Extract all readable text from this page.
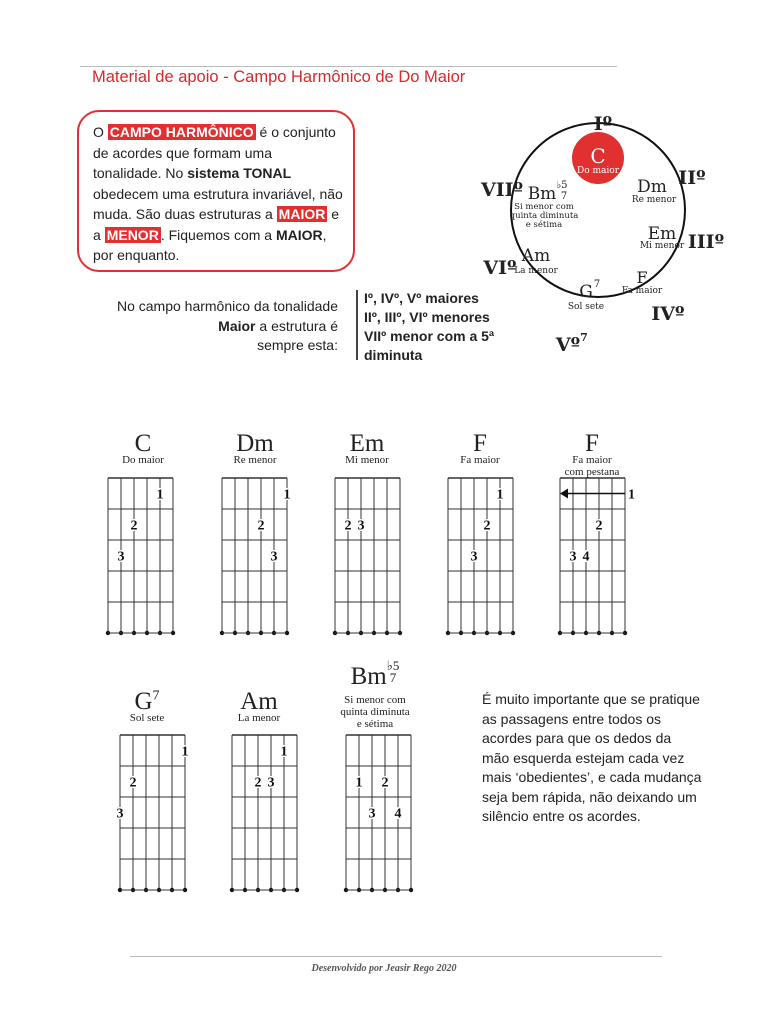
Material de apoio - Campo Harmônico de Do Maior
O CAMPO HARMÔNICO é o conjunto de acordes que formam uma tonalidade. No sistema TONAL obedecem uma estrutura invariável, não muda. São duas estruturas a MAIOR e a MENOR . Fiquemos com a MAIOR, por enquanto.
No campo harmônico da tonalidade
Maior a estrutura é
sempre esta:
Iº, IVº, Vº maiores
IIº, IIIº, VIº menores
VIIº menor com a 5ª
diminuta
C
Do maior
Dm
Re menor
Em
Mi menor
F
Fa maior
G 7
Sol sete
Am
La menor
Bm ♭5
7
Si menor com
quinta diminuta
e sétima
Iº
IIº
IIIº
IVº
Vº 7
VIº
VIIº
C
Do maior
1
2
3
Dm
Re menor
1
2
3
Em
Mi menor
2 3
F
Fa maior
1
2
3
F
Fa maior
com pestana
1
2
3 4
$G^7$
Sol sete
1
2
3
Am
La menor
1
2 3
Bm ♭5
7
Si menor com
quinta diminuta
e sétima
1 2
3 4
É muito importante que se pratique as passagens entre todos os acordes para que os dedos da mão esquerda estejam cada vez mais ‘obedientes’, e cada mudança seja bem rápida, não deixando um silêncio entre os acordes.
Desenvolvido por Jeasir Rego 2020
